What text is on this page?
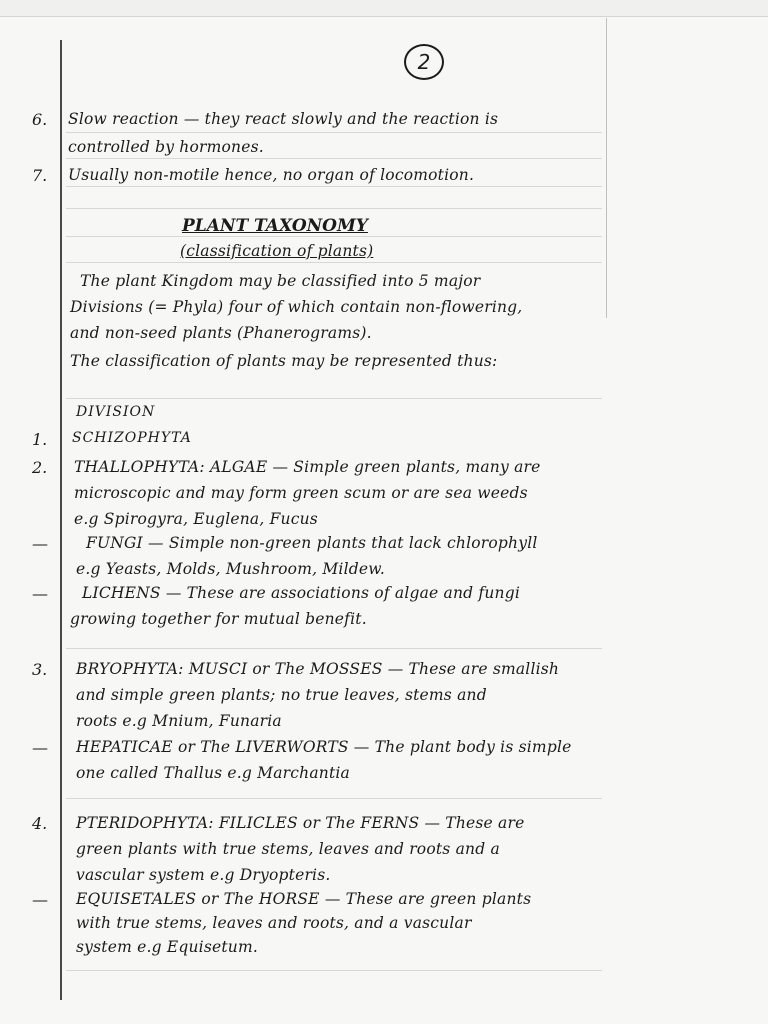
2
6. Slow reaction — they react slowly and the reaction is
controlled by hormones.
7. Usually non-motile hence, no organ of locomotion.
PLANT TAXONOMY
(classification of plants)
The plant Kingdom may be classified into 5 major
Divisions (= Phyla) four of which contain non-flowering,
and non-seed plants (Phanerograms).
The classification of plants may be represented thus:
DIVISION
1. SCHIZOPHYTA
2. THALLOPHYTA: ALGAE — Simple green plants, many are
microscopic and may form green scum or are sea weeds
e.g Spirogyra, Euglena, Fucus
— FUNGI — Simple non-green plants that lack chlorophyll
e.g Yeasts, Molds, Mushroom, Mildew.
— LICHENS — These are associations of algae and fungi
growing together for mutual benefit.
3. BRYOPHYTA: MUSCI or The MOSSES — These are smallish
and simple green plants; no true leaves, stems and
roots e.g Mnium, Funaria
— HEPATICAE or The LIVERWORTS — The plant body is simple
one called Thallus e.g Marchantia
4. PTERIDOPHYTA: FILICLES or The FERNS — These are
green plants with true stems, leaves and roots and a
vascular system e.g Dryopteris.
— EQUISETALES or The HORSE — These are green plants
with true stems, leaves and roots, and a vascular
system e.g Equisetum.
